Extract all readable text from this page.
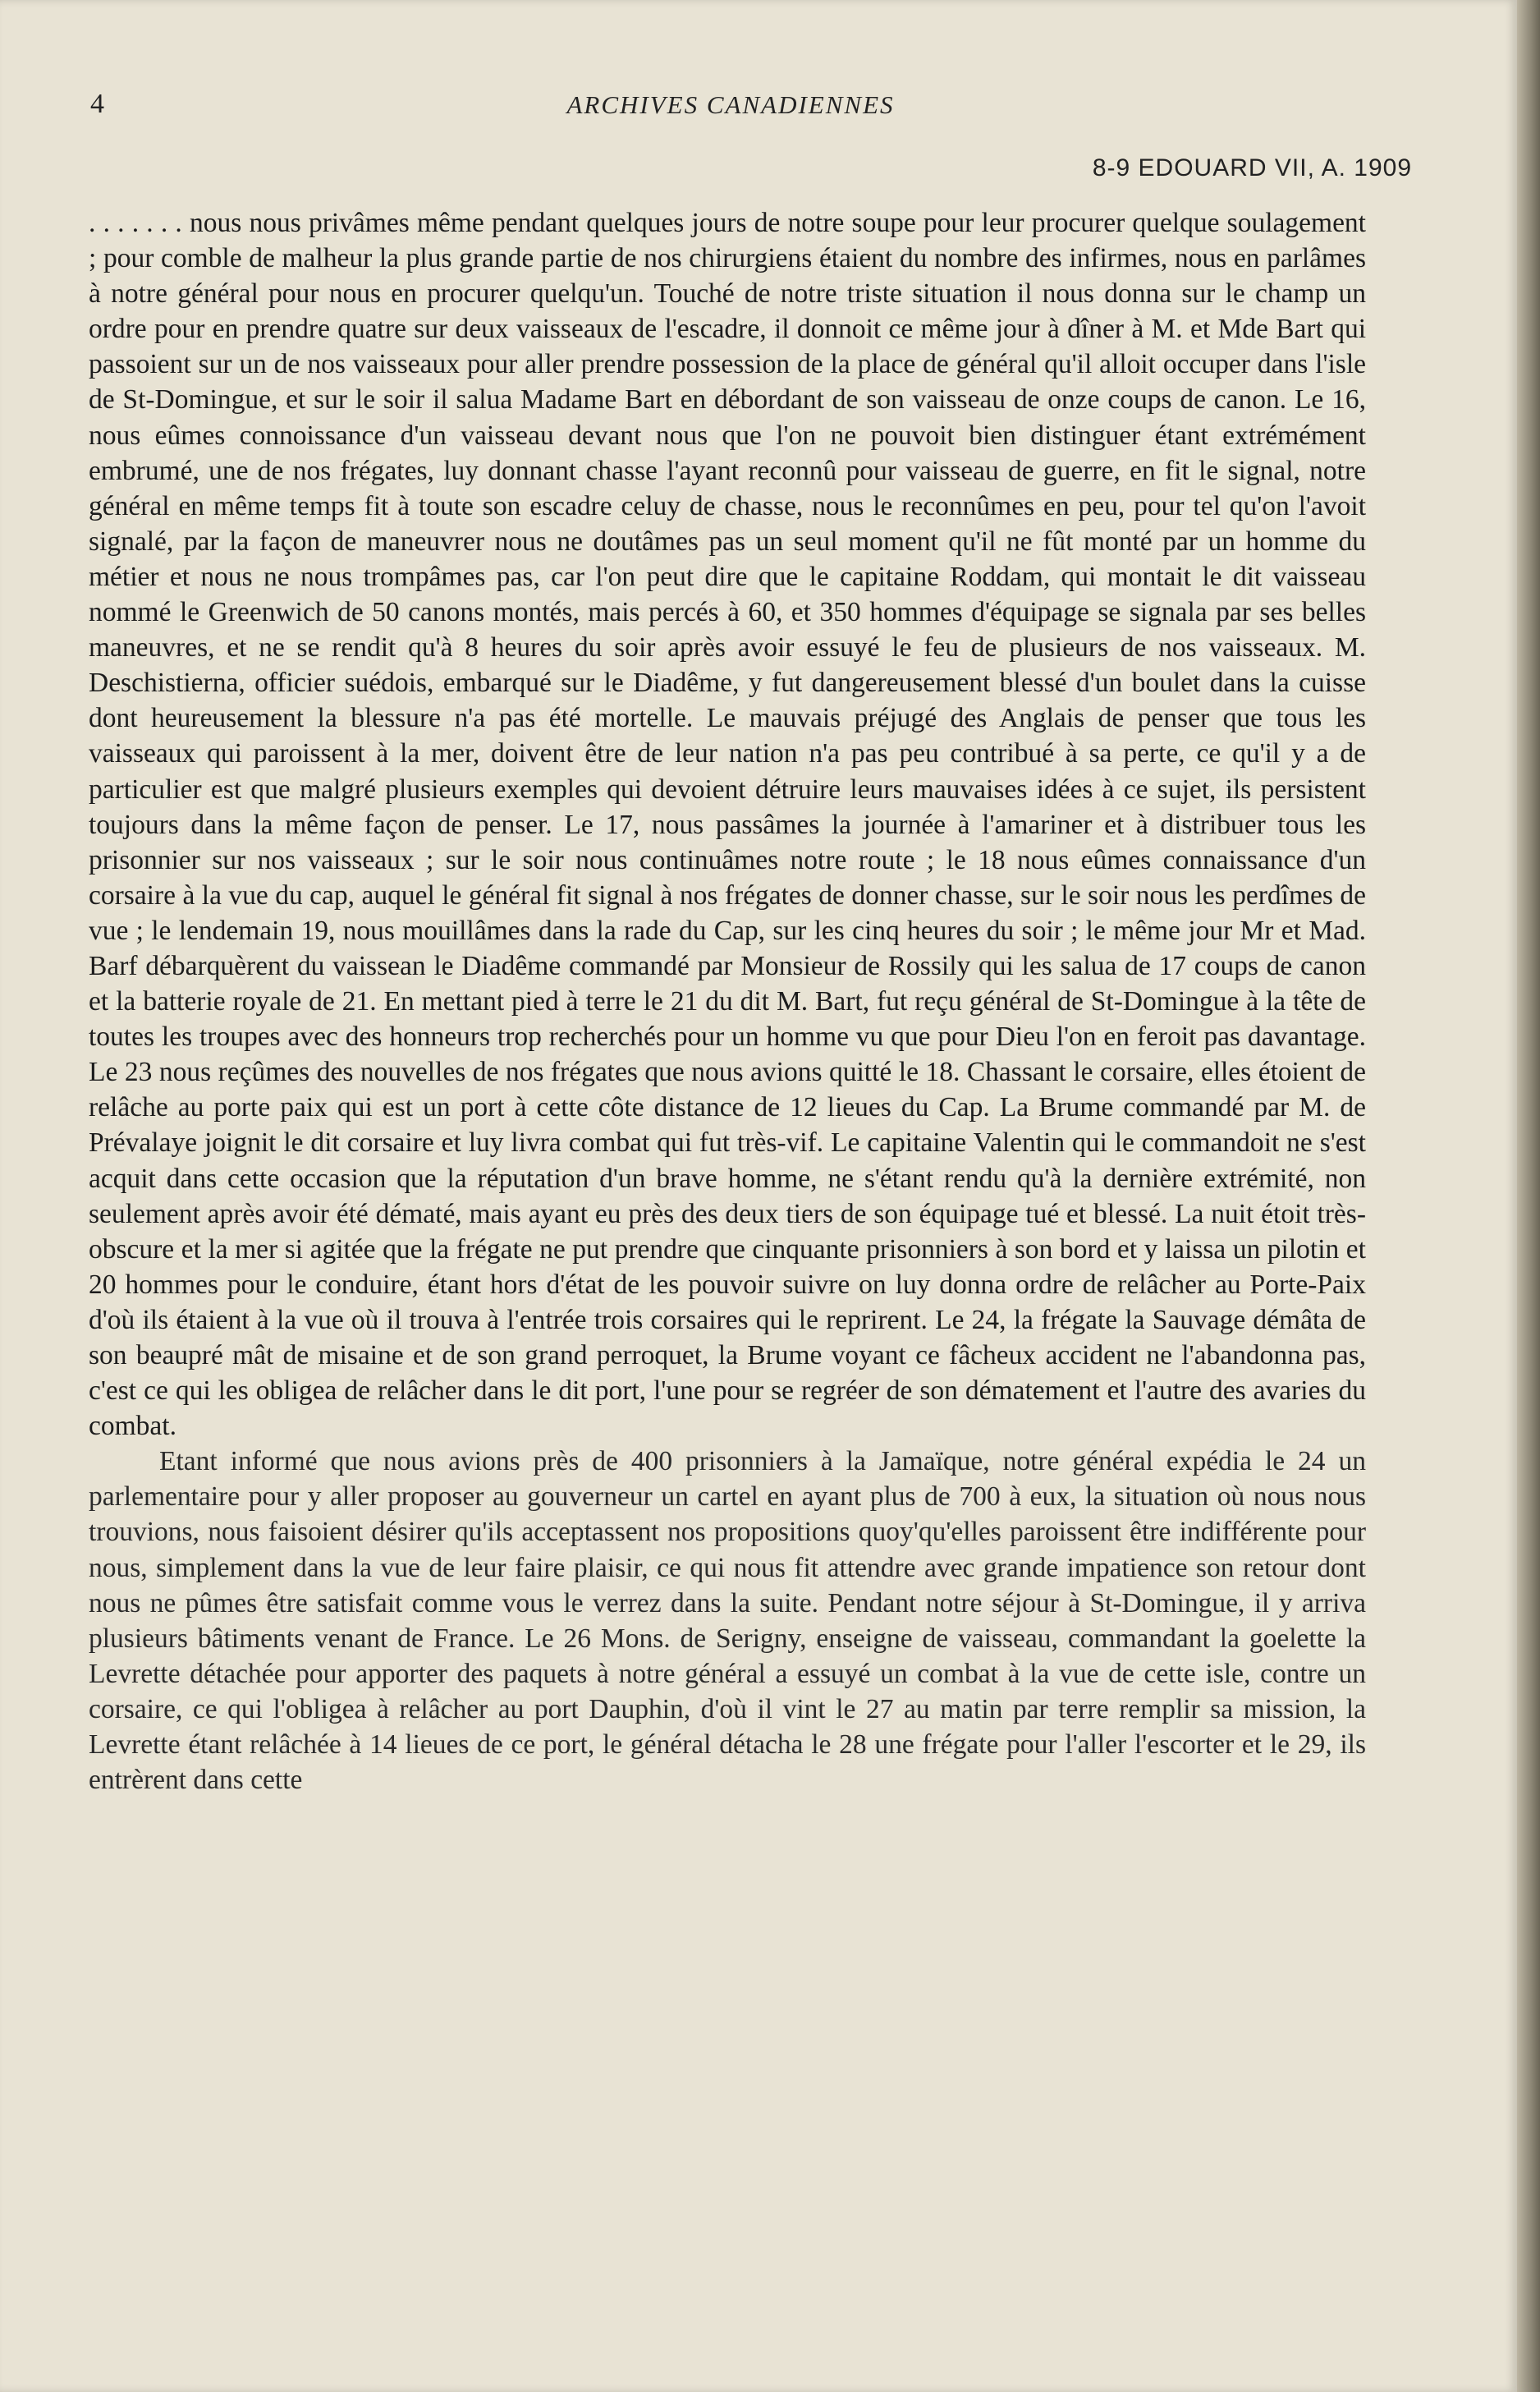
4	ARCHIVES CANADIENNES
8-9 EDOUARD VII, A. 1909

. . . . . . . nous nous privâmes même pendant quelques jours de notre soupe pour leur procurer quelque soulagement ; pour comble de malheur la plus grande partie de nos chirurgiens étaient du nombre des infirmes, nous en parlâmes à notre général pour nous en procurer quelqu'un. Touché de notre triste situation il nous donna sur le champ un ordre pour en prendre quatre sur deux vaisseaux de l'escadre, il donnoit ce même jour à dîner à M. et Mde Bart qui passoient sur un de nos vaisseaux pour aller prendre possession de la place de général qu'il alloit occuper dans l'isle de St-Domingue, et sur le soir il salua Madame Bart en débordant de son vaisseau de onze coups de canon. Le 16, nous eûmes connoissance d'un vaisseau devant nous que l'on ne pouvoit bien distinguer étant extrémément embrumé, une de nos frégates, luy donnant chasse l'ayant reconnû pour vaisseau de guerre, en fit le signal, notre général en même temps fit à toute son escadre celuy de chasse, nous le reconnûmes en peu, pour tel qu'on l'avoit signalé, par la façon de maneuvrer nous ne doutâmes pas un seul moment qu'il ne fût monté par un homme du métier et nous ne nous trompâmes pas, car l'on peut dire que le capitaine Roddam, qui montait le dit vaisseau nommé le Greenwich de 50 canons montés, mais percés à 60, et 350 hommes d'équipage se signala par ses belles maneuvres, et ne se rendit qu'à 8 heures du soir après avoir essuyé le feu de plusieurs de nos vaisseaux. M. Deschistierna, officier suédois, embarqué sur le Diadême, y fut dangereusement blessé d'un boulet dans la cuisse dont heureusement la blessure n'a pas été mortelle. Le mauvais préjugé des Anglais de penser que tous les vaisseaux qui paroissent à la mer, doivent être de leur nation n'a pas peu contribué à sa perte, ce qu'il y a de particulier est que malgré plusieurs exemples qui devoient détruire leurs mauvaises idées à ce sujet, ils persistent toujours dans la même façon de penser. Le 17, nous passâmes la journée à l'amariner et à distribuer tous les prisonnier sur nos vaisseaux ; sur le soir nous continuâmes notre route ; le 18 nous eûmes connaissance d'un corsaire à la vue du cap, auquel le général fit signal à nos frégates de donner chasse, sur le soir nous les perdîmes de vue ; le lendemain 19, nous mouillâmes dans la rade du Cap, sur les cinq heures du soir ; le même jour Mr et Mad. Barf débarquèrent du vaissean le Diadême commandé par Monsieur de Rossily qui les salua de 17 coups de canon et la batterie royale de 21. En mettant pied à terre le 21 du dit M. Bart, fut reçu général de St-Domingue à la tête de toutes les troupes avec des honneurs trop recherchés pour un homme vu que pour Dieu l'on en feroit pas davantage. Le 23 nous reçûmes des nouvelles de nos frégates que nous avions quitté le 18. Chassant le corsaire, elles étoient de relâche au porte paix qui est un port à cette côte distance de 12 lieues du Cap. La Brume commandé par M. de Prévalaye joignit le dit corsaire et luy livra combat qui fut très-vif. Le capitaine Valentin qui le commandoit ne s'est acquit dans cette occasion que la réputation d'un brave homme, ne s'étant rendu qu'à la dernière extrémité, non seulement après avoir été dématé, mais ayant eu près des deux tiers de son équipage tué et blessé. La nuit étoit très-obscure et la mer si agitée que la frégate ne put prendre que cinquante prisonniers à son bord et y laissa un pilotin et 20 hommes pour le conduire, étant hors d'état de les pouvoir suivre on luy donna ordre de relâcher au Porte-Paix d'où ils étaient à la vue où il trouva à l'entrée trois corsaires qui le reprirent. Le 24, la frégate la Sauvage démâta de son beaupré mât de misaine et de son grand perroquet, la Brume voyant ce fâcheux accident ne l'abandonna pas, c'est ce qui les obligea de relâcher dans le dit port, l'une pour se regréer de son dématement et l'autre des avaries du combat.

Etant informé que nous avions près de 400 prisonniers à la Jamaïque, notre général expédia le 24 un parlementaire pour y aller proposer au gouverneur un cartel en ayant plus de 700 à eux, la situation où nous nous trouvions, nous faisoient désirer qu'ils acceptassent nos propositions quoy'qu'elles paroissent être indifférente pour nous, simplement dans la vue de leur faire plaisir, ce qui nous fit attendre avec grande impatience son retour dont nous ne pûmes être satisfait comme vous le verrez dans la suite. Pendant notre séjour à St-Domingue, il y arriva plusieurs bâtiments venant de France. Le 26 Mons. de Serigny, enseigne de vaisseau, commandant la goelette la Levrette détachée pour apporter des paquets à notre général a essuyé un combat à la vue de cette isle, contre un corsaire, ce qui l'obligea à relâcher au port Dauphin, d'où il vint le 27 au matin par terre remplir sa mission, la Levrette étant relâchée à 14 lieues de ce port, le général détacha le 28 une frégate pour l'aller l'escorter et le 29, ils entrèrent dans cette
